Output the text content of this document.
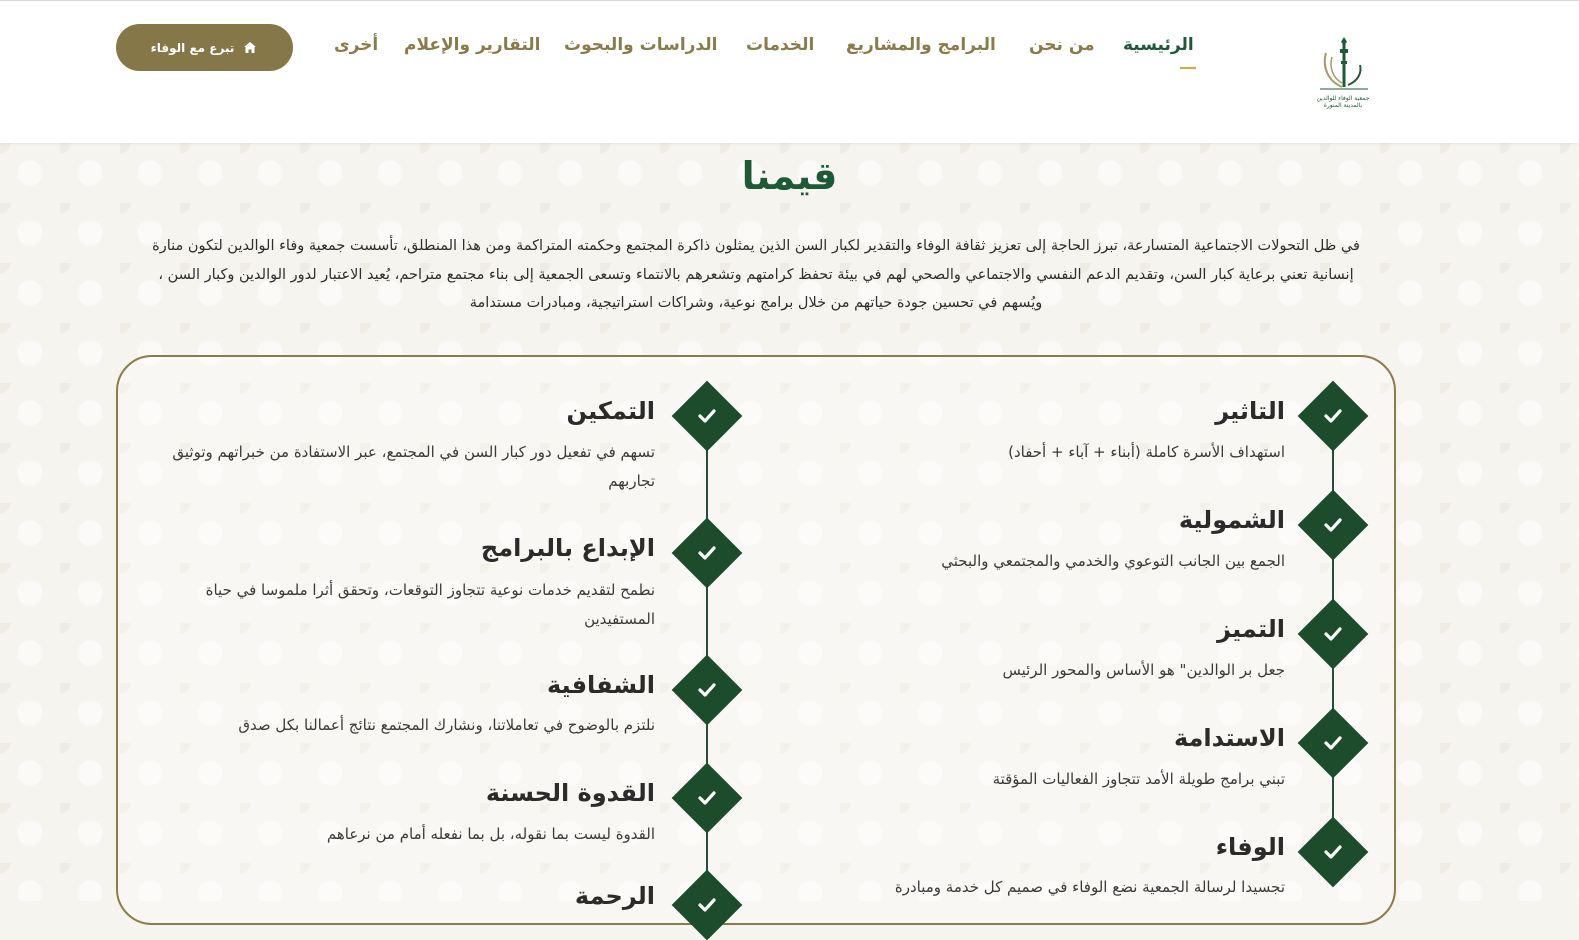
جمعية الوفاء للوالدين
بالمدينة المنورة
الرئيسية
من نحن
البرامج والمشاريع
الخدمات
الدراسات والبحوث
التقارير والإعلام
أخرى
تبرع مع الوفاء
قيمنا

في ظل التحولات الاجتماعية المتسارعة، تبرز الحاجة إلى تعزيز ثقافة الوفاء والتقدير لكبار السن الذين يمثلون ذاكرة المجتمع وحكمته المتراكمة ومن هذا المنطلق، تأسست جمعية وفاء الوالدين لتكون منارة إنسانية تعني برعاية كبار السن، وتقديم الدعم النفسي والاجتماعي والصحي لهم في بيئة تحفظ كرامتهم وتشعرهم بالانتماء وتسعى الجمعية إلى بناء مجتمع متراحم، يُعيد الاعتبار لدور الوالدين وكبار السن ، ويُسهم في تحسين جودة حياتهم من خلال برامج نوعية، وشراكات استراتيجية، ومبادرات مستدامة

التاثير
استهداف الأسرة كاملة (أبناء + آباء + أحفاد)
الشمولية
الجمع بين الجانب التوعوي والخدمي والمجتمعي والبحثي
التميز
جعل بر الوالدين" هو الأساس والمحور الرئيس
الاستدامة
تبني برامج طويلة الأمد تتجاوز الفعاليات المؤقتة
الوفاء
تجسيدا لرسالة الجمعية نضع الوفاء في صميم كل خدمة ومبادرة
التمكين
تسهم في تفعيل دور كبار السن في المجتمع، عبر الاستفادة من خبراتهم وتوثيق تجاربهم
الإبداع بالبرامج
نطمح لتقديم خدمات نوعية تتجاوز التوقعات، وتحقق أثرا ملموسا في حياة المستفيدين
الشفافية
نلتزم بالوضوح في تعاملاتنا، ونشارك المجتمع نتائج أعمالنا بكل صدق
القدوة الحسنة
القدوة ليست بما نقوله، بل بما نفعله أمام من نرعاهم
الرحمة
